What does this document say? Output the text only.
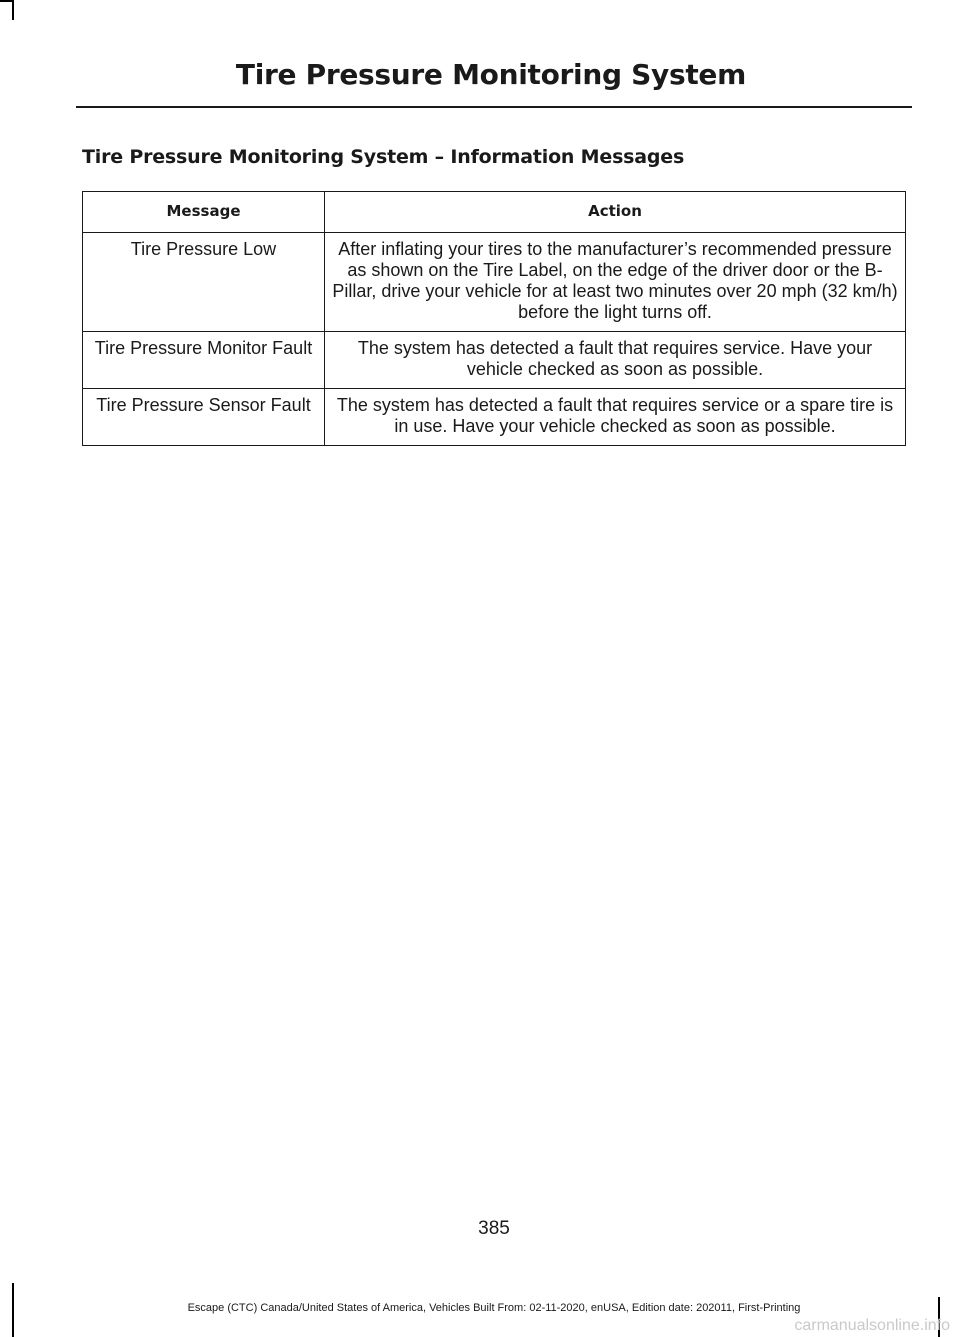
Tire Pressure Monitoring System
Tire Pressure Monitoring System – Information Messages
Message	Action
Tire Pressure Low	After inflating your tires to the manufacturer’s recommended pressure as shown on the Tire Label, on the edge of the driver door or the B-Pillar, drive your vehicle for at least two minutes over 20 mph (32 km/h) before the light turns off.
Tire Pressure Monitor Fault	The system has detected a fault that requires service. Have your vehicle checked as soon as possible.
Tire Pressure Sensor Fault	The system has detected a fault that requires service or a spare tire is in use. Have your vehicle checked as soon as possible.
385
Escape (CTC) Canada/United States of America, Vehicles Built From: 02-11-2020, enUSA, Edition date: 202011, First-Printing
carmanualsonline.info
